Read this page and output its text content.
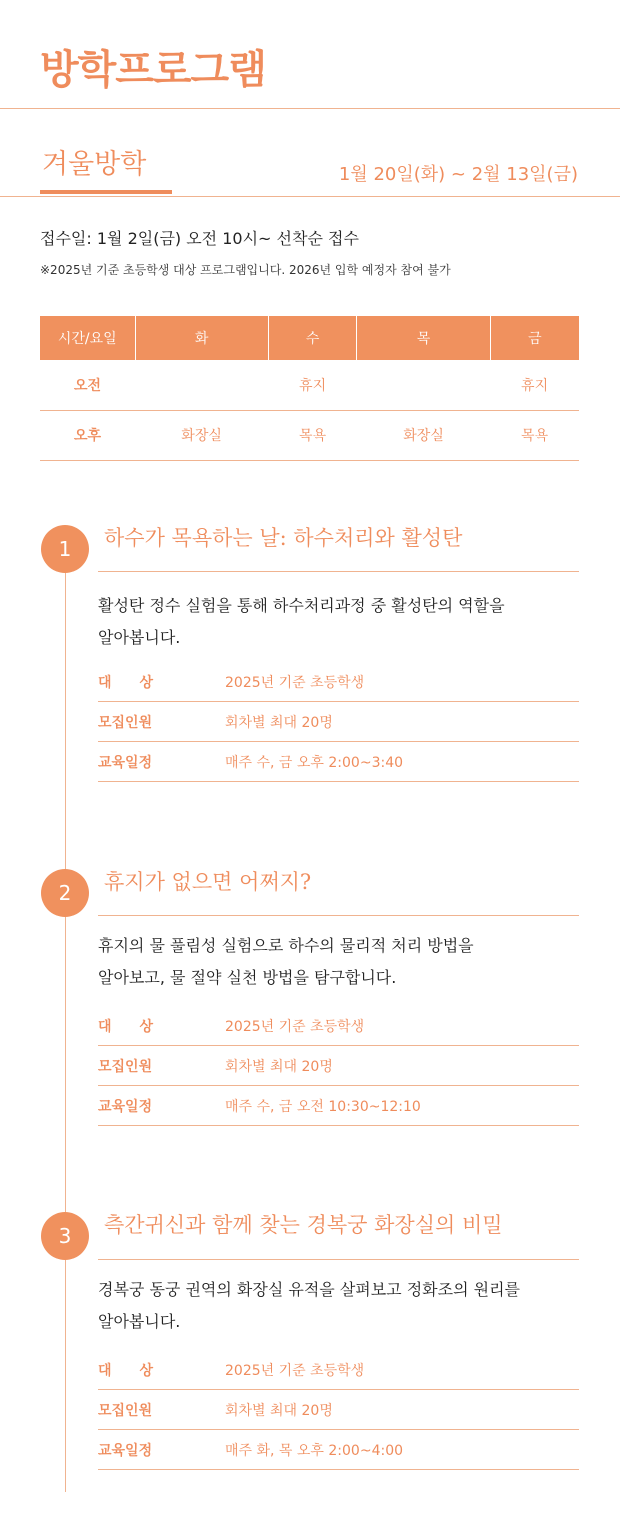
방학프로그램
겨울방학	1월 20일(화) ~ 2월 13일(금)
접수일: 1월 2일(금) 오전 10시~ 선착순 접수
※2025년 기준 초등학생 대상 프로그램입니다. 2026년 입학 예정자 참여 불가
시간/요일	화	수	목	금
오전		휴지		휴지
오후	화장실	목욕	화장실	목욕
1	하수가 목욕하는 날: 하수처리와 활성탄
활성탄 정수 실험을 통해 하수처리과정 중 활성탄의 역할을
알아봅니다.
대상	2025년 기준 초등학생
모집인원	회차별 최대 20명
교육일정	매주 수, 금 오후 2:00~3:40
2	휴지가 없으면 어쩌지?
휴지의 물 풀림성 실험으로 하수의 물리적 처리 방법을
알아보고, 물 절약 실천 방법을 탐구합니다.
대상	2025년 기준 초등학생
모집인원	회차별 최대 20명
교육일정	매주 수, 금 오전 10:30~12:10
3	측간귀신과 함께 찾는 경복궁 화장실의 비밀
경복궁 동궁 권역의 화장실 유적을 살펴보고 정화조의 원리를
알아봅니다.
대상	2025년 기준 초등학생
모집인원	회차별 최대 20명
교육일정	매주 화, 목 오후 2:00~4:00
